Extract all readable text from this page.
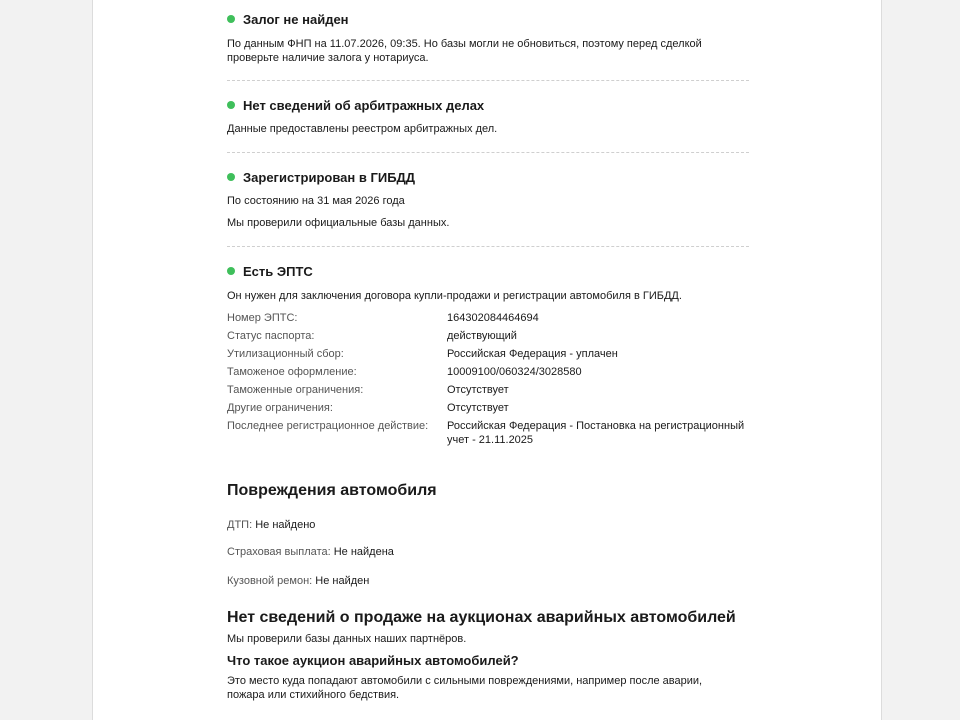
Залог не найден

По данным ФНП на 11.07.2026, 09:35. Но базы могли не обновиться, поэтому перед сделкой проверьте наличие залога у нотариуса.

Нет сведений об арбитражных делах

Данные предоставлены реестром арбитражных дел.

Зарегистрирован в ГИБДД

По состоянию на 31 мая 2026 года

Мы проверили официальные базы данных.

Есть ЭПТС

Он нужен для заключения договора купли-продажи и регистрации автомобиля в ГИБДД.

Номер ЭПТС:	164302084464694
Статус паспорта:	действующий
Утилизационный сбор:	Российская Федерация - уплачен
Таможеное оформление:	10009100/060324/3028580
Таможенные ограничения:	Отсутствует
Другие ограничения:	Отсутствует
Последнее регистрационное действие:	Российская Федерация - Постановка на регистрационный учет - 21.11.2025
Повреждения автомобиля
ДТП: Не найдено
Страховая выплата: Не найдена
Кузовной ремон: Не найден
Нет сведений о продаже на аукционах аварийных автомобилей

Мы проверили базы данных наших партнёров.

Что такое аукцион аварийных автомобилей?

Это место куда попадают автомобили с сильными повреждениями, например после аварии, пожара или стихийного бедствия.
